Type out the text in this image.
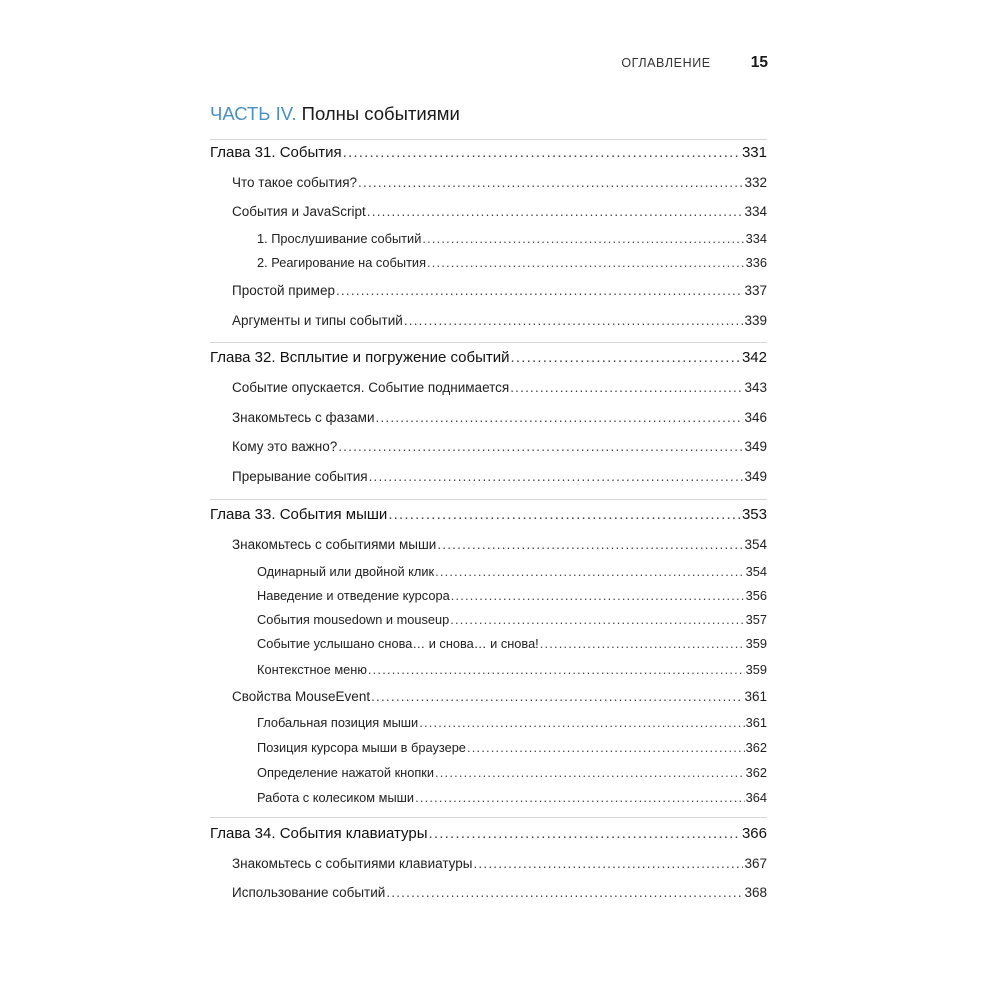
ОГЛАВЛЕНИЕ	15
ЧАСТЬ IV. Полны событиями
Глава 31. События .....	331
Что такое события? .....	332
События и JavaScript .....	334
1. Прослушивание событий .....	334
2. Реагирование на события .....	336
Простой пример .....	337
Аргументы и типы событий .....	339
Глава 32. Всплытие и погружение событий .....	342
Событие опускается. Событие поднимается .....	343
Знакомьтесь с фазами .....	346
Кому это важно? .....	349
Прерывание события .....	349
Глава 33. События мыши .....	353
Знакомьтесь с событиями мыши .....	354
Одинарный или двойной клик .....	354
Наведение и отведение курсора .....	356
События mousedown и mouseup .....	357
Событие услышано снова… и снова… и снова! .....	359
Контекстное меню .....	359
Свойства MouseEvent .....	361
Глобальная позиция мыши .....	361
Позиция курсора мыши в браузере .....	362
Определение нажатой кнопки .....	362
Работа с колесиком мыши .....	364
Глава 34. События клавиатуры .....	366
Знакомьтесь с событиями клавиатуры .....	367
Использование событий .....	368
